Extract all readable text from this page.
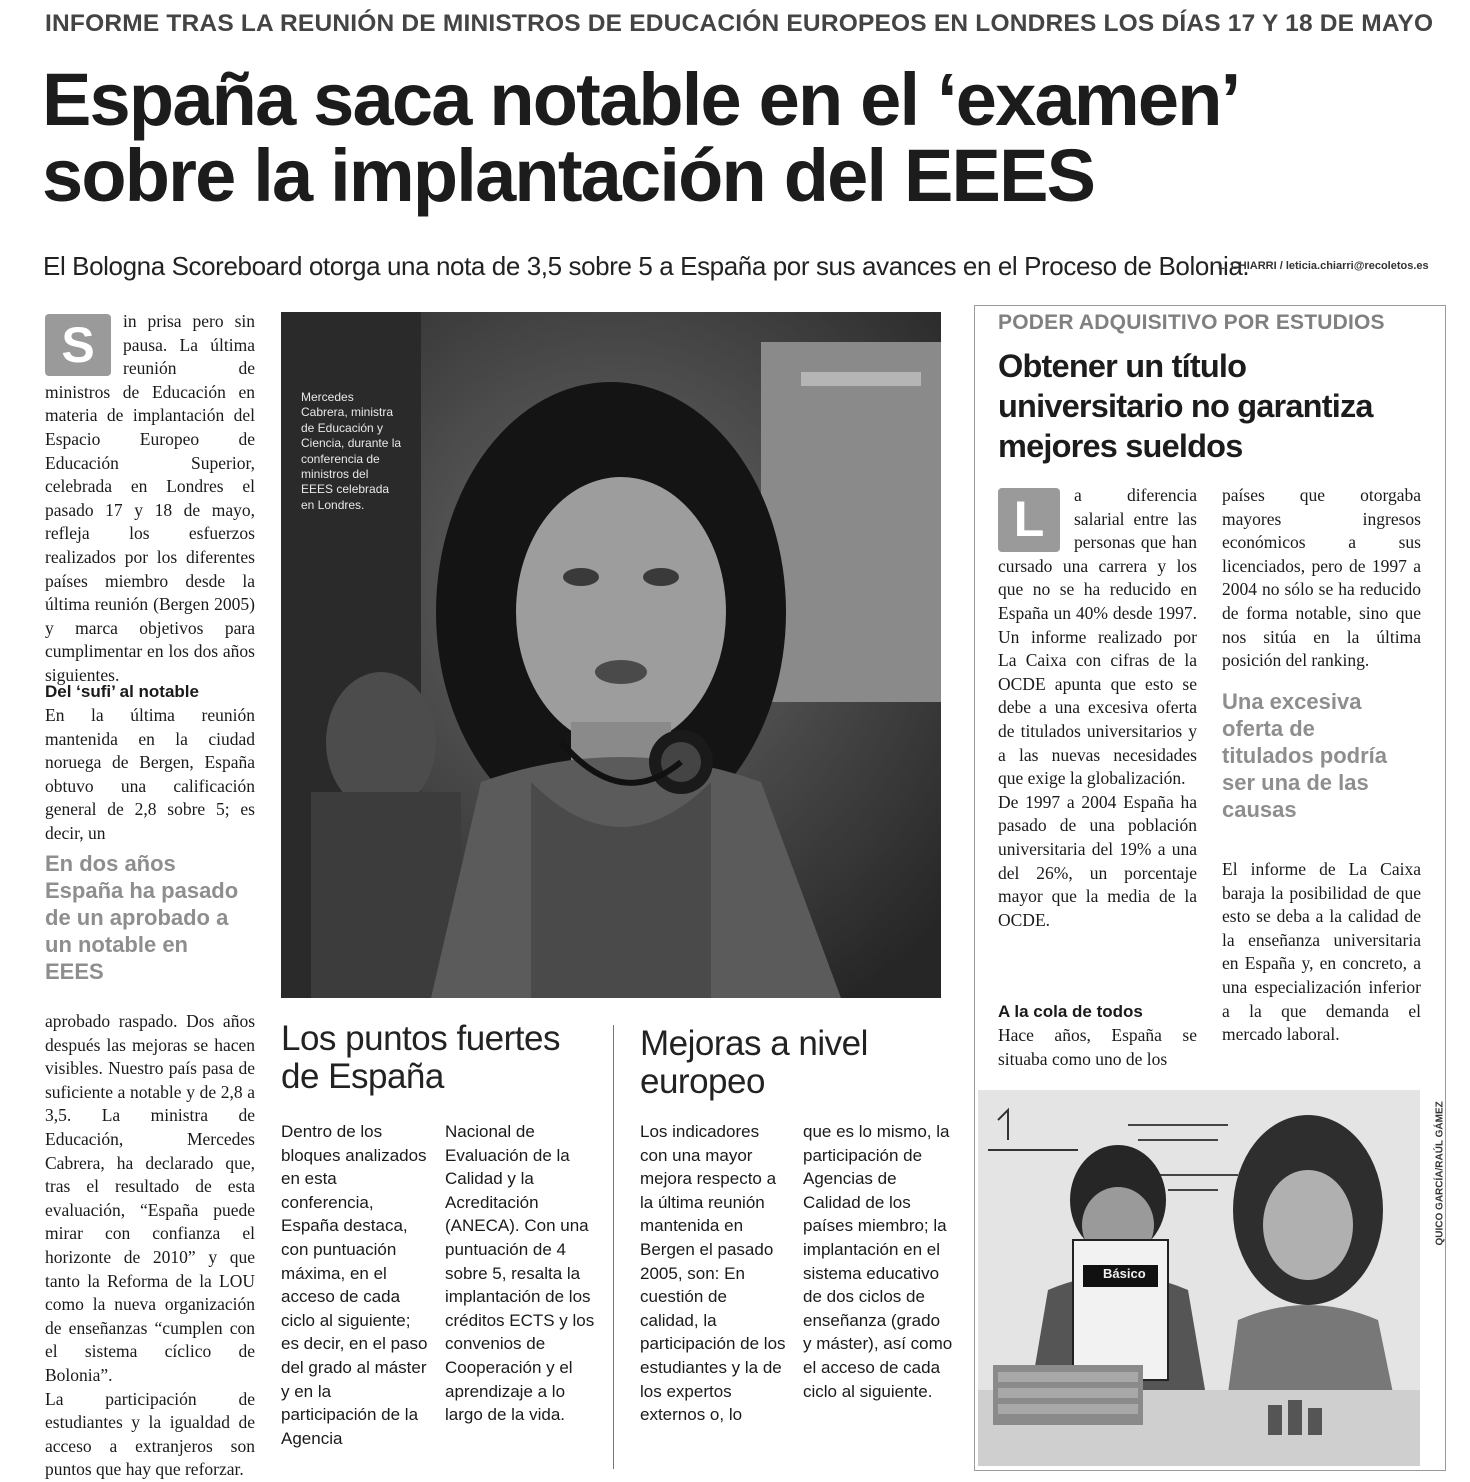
INFORME TRAS LA REUNIÓN DE MINISTROS DE EDUCACIÓN EUROPEOS EN LONDRES LOS DÍAS 17 Y 18 DE MAYO
España saca notable en el ‘examen’
sobre la implantación del EEES
El Bologna Scoreboard otorga una nota de 3,5 sobre 5 a España por sus avances en el Proceso de Bolonia.
L. CHIARRI / leticia.chiarri@recoletos.es
S	in prisa pero sin pausa. La última reunión de ministros de Educación en materia de implantación del Espacio Europeo de Educación Superior, celebrada en Londres el pasado 17 y 18 de mayo, refleja los esfuerzos realizados por los diferentes países miembro desde la última reunión (Bergen 2005) y marca objetivos para cumplimentar en los dos años siguientes.

Del ‘sufi’ al notable

En la última reunión mantenida en la ciudad noruega de Bergen, España obtuvo una calificación general de 2,8 sobre 5; es decir, un

En dos años España ha pasado de un aprobado a un notable en EEES

aprobado raspado. Dos años después las mejoras se hacen visibles. Nuestro país pasa de suficiente a notable y de 2,8 a 3,5. La ministra de Educación, Mercedes Cabrera, ha declarado que, tras el resultado de esta evaluación, “España puede mirar con confianza el horizonte de 2010” y que tanto la Reforma de la LOU como la nueva organización de enseñanzas “cumplen con el sistema cíclico de Bolonia”.

La participación de estudiantes y la igualdad de acceso a extranjeros son puntos que hay que reforzar.

Mercedes Cabrera, ministra de Educación y Ciencia, durante la conferencia de ministros del EEES celebrada en Londres.
Los puntos fuertes de España
Dentro de los bloques analizados en esta conferencia, España destaca, con puntuación máxima, en el acceso de cada ciclo al siguiente; es decir, en el paso del grado al máster y en la participación de la Agencia
Nacional de Evaluación de la Calidad y la Acreditación (ANECA). Con una puntuación de 4 sobre 5, resalta la implantación de los créditos ECTS y los convenios de Cooperación y el aprendizaje a lo largo de la vida.
Mejoras a nivel europeo
Los indicadores con una mayor mejora respecto a la última reunión mantenida en Bergen el pasado 2005, son: En cuestión de calidad, la participación de los estudiantes y la de los expertos externos o, lo
que es lo mismo, la participación de Agencias de Calidad de los países miembro; la implantación en el sistema educativo de dos ciclos de enseñanza (grado y máster), así como el acceso de cada ciclo al siguiente.
PODER ADQUISITIVO POR ESTUDIOS
Obtener un título universitario no garantiza mejores sueldos
L	a diferencia salarial entre las personas que han cursado una carrera y los que no se ha reducido en España un 40% desde 1997. Un informe realizado por La Caixa con cifras de la OCDE apunta que esto se debe a una excesiva oferta de titulados universitarios y a las nuevas necesidades que exige la globalización.

De 1997 a 2004 España ha pasado de una población universitaria del 19% a una del 26%, un porcentaje mayor que la media de la OCDE.

A la cola de todos

Hace años, España se situaba como uno de los

países que otorgaba mayores ingresos económicos a sus licenciados, pero de 1997 a 2004 no sólo se ha reducido de forma notable, sino que nos sitúa en la última posición del ranking.
Una excesiva oferta de titulados podría ser una de las causas
El informe de La Caixa baraja la posibilidad de que esto se deba a la calidad de la enseñanza universitaria en España y, en concreto, a una especialización inferior a la que demanda el mercado laboral.
Básico
QUICO GARCÍA/RAÚL GÁMEZ
